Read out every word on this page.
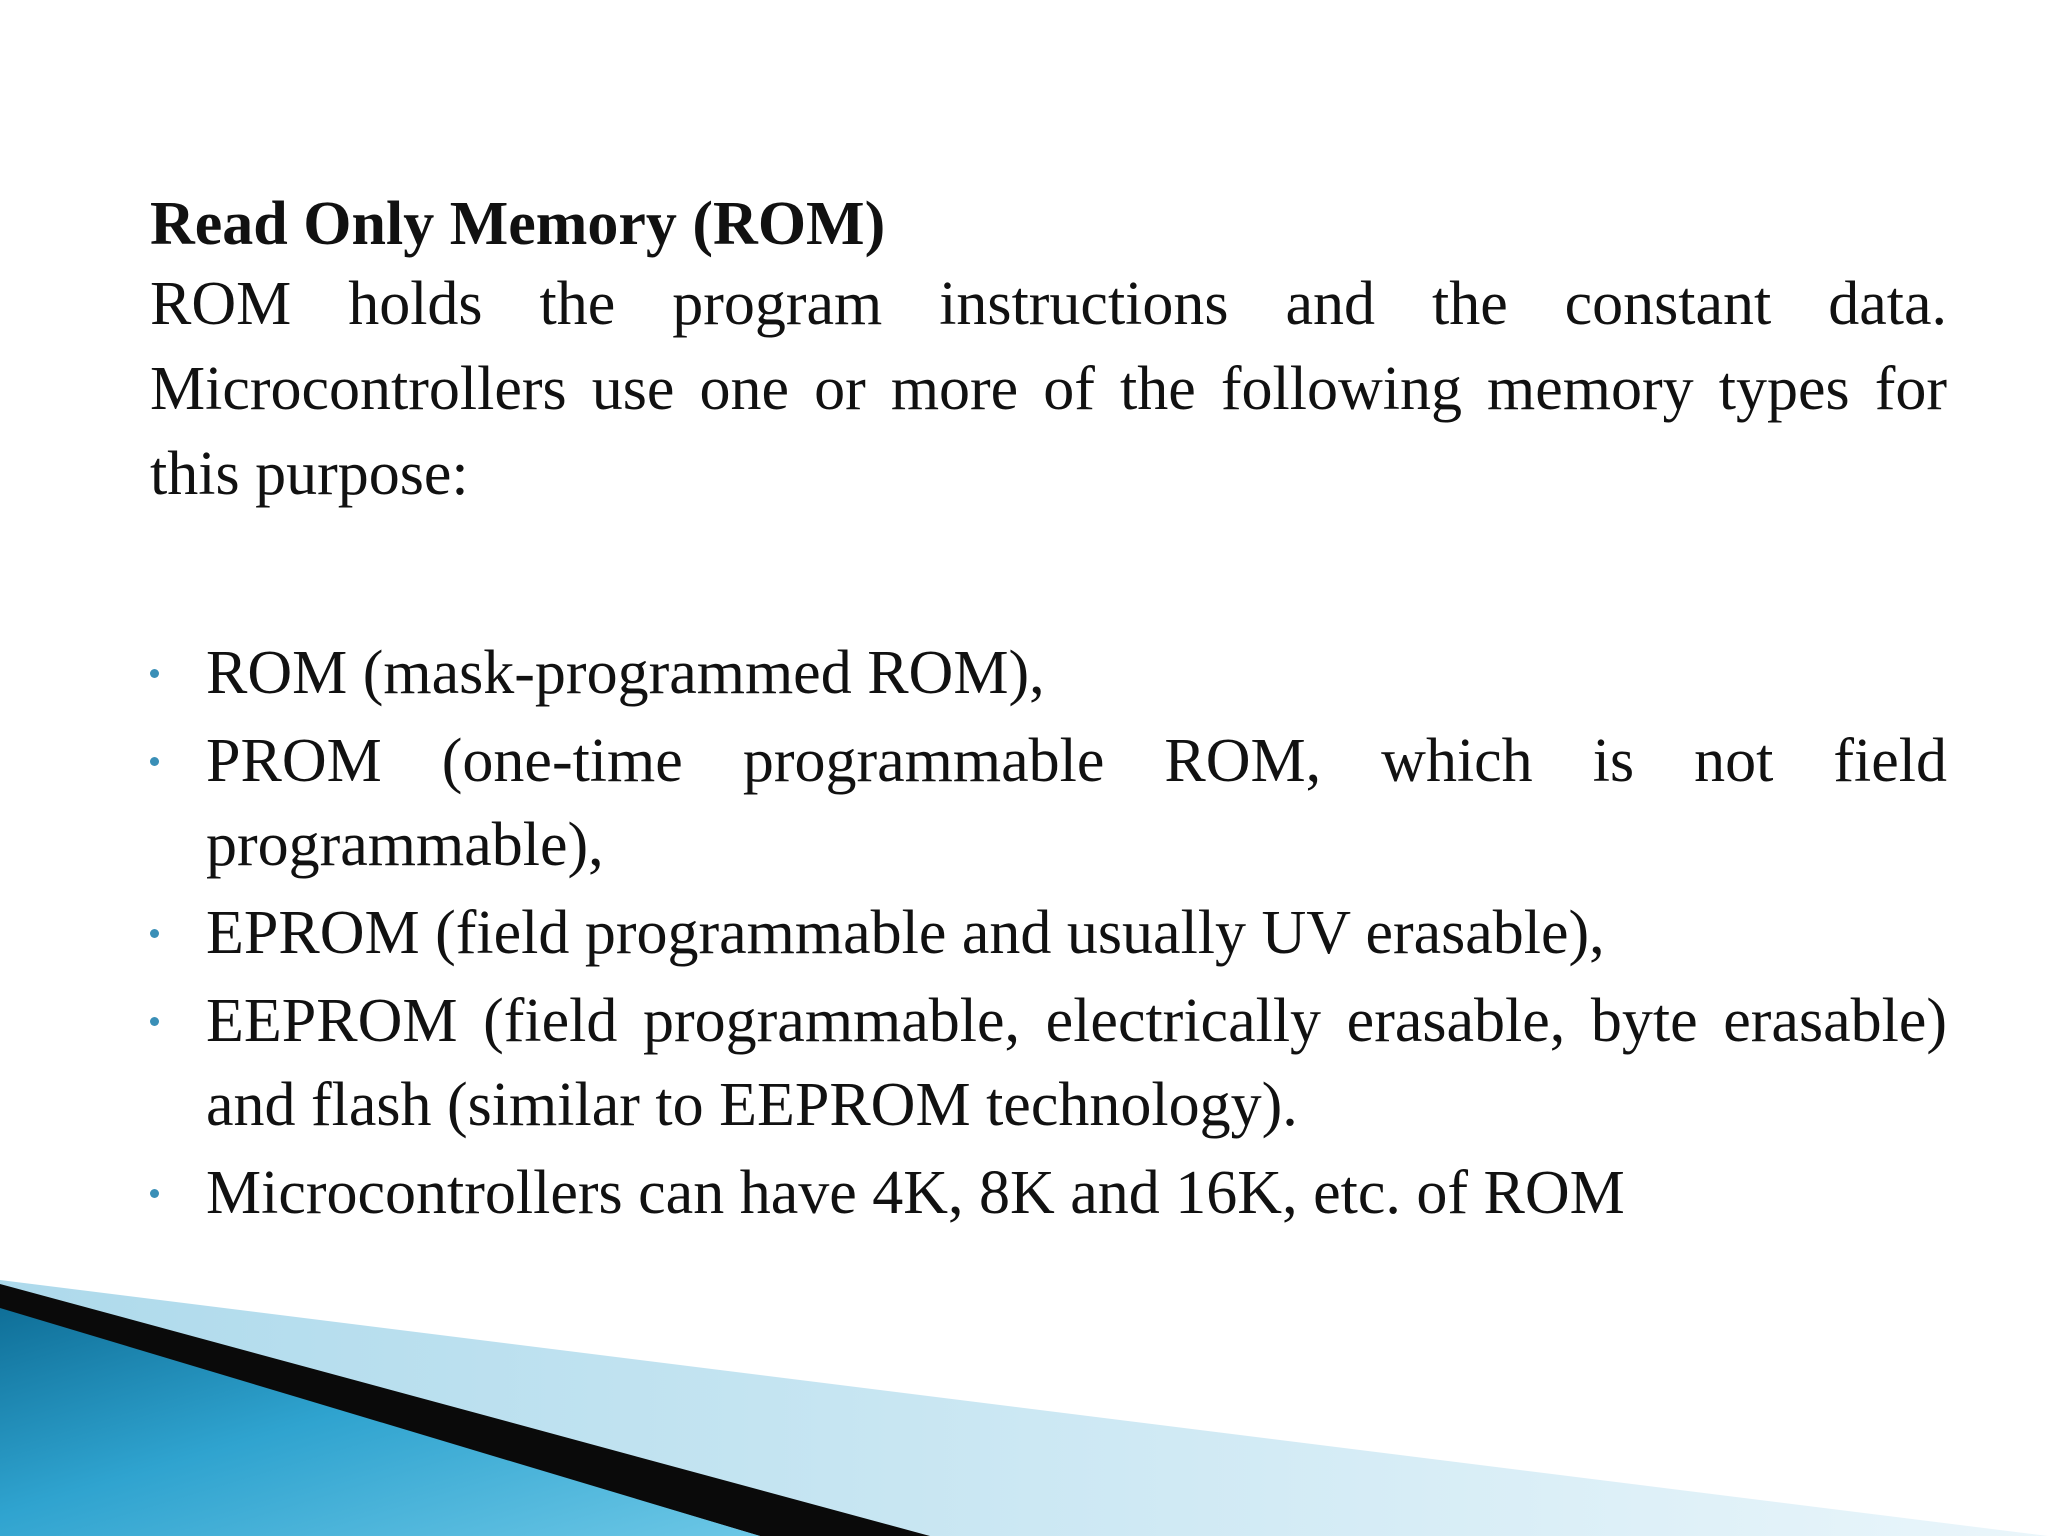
Read Only Memory (ROM)

ROM holds the program instructions and the constant data. Microcontrollers use one or more of the following memory types for this purpose:

ROM (mask-programmed ROM),
PROM (one-time programmable ROM, which is not field programmable),
EPROM (field programmable and usually UV erasable),
EEPROM (field programmable, electrically erasable, byte erasable) and flash (similar to EEPROM technology).
Microcontrollers can have 4K, 8K and 16K, etc. of ROM
